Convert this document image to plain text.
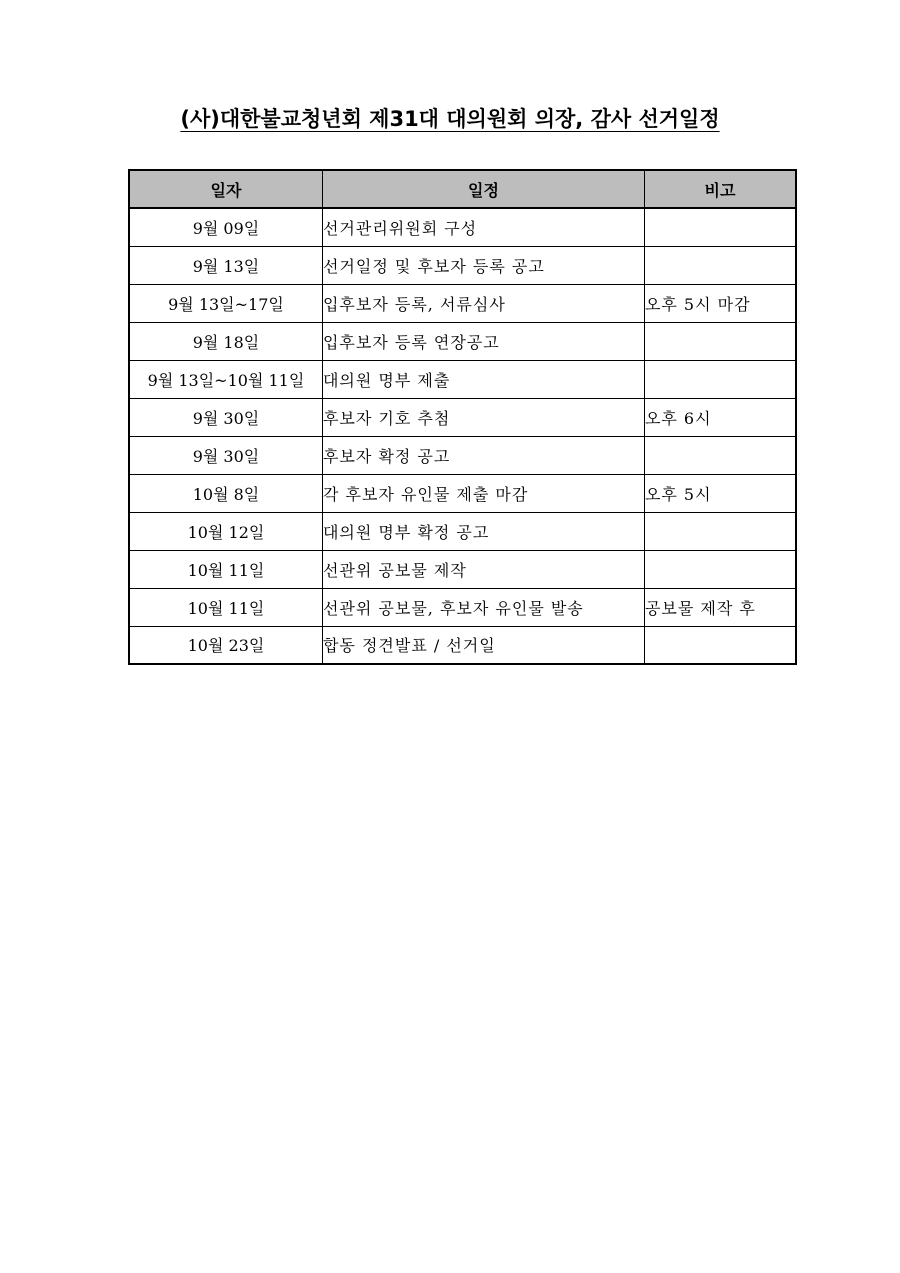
(사)대한불교청년회 제31대 대의원회 의장, 감사 선거일정
일자	일정	비고
9월 09일	선거관리위원회 구성	
9월 13일	선거일정 및 후보자 등록 공고	
9월 13일~17일	입후보자 등록, 서류심사	오후 5시 마감
9월 18일	입후보자 등록 연장공고	
9월 13일~10월 11일	대의원 명부 제출	
9월 30일	후보자 기호 추첨	오후 6시
9월 30일	후보자 확정 공고	
10월 8일	각 후보자 유인물 제출 마감	오후 5시
10월 12일	대의원 명부 확정 공고	
10월 11일	선관위 공보물 제작	
10월 11일	선관위 공보물, 후보자 유인물 발송	공보물 제작 후
10월 23일	합동 정견발표 / 선거일	
